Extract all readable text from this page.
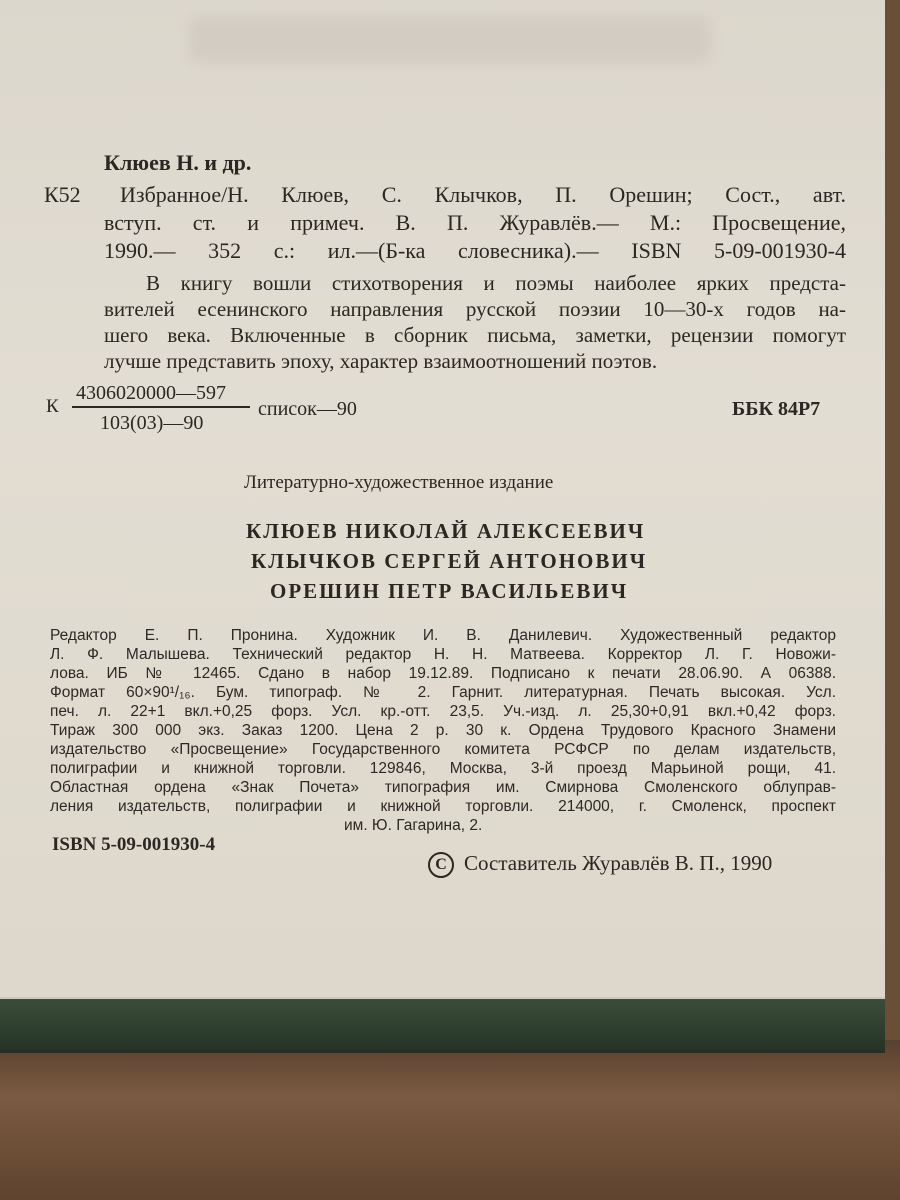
Клюев Н. и др.
К52 Избранное/Н. Клюев, С. Клычков, П. Орешин; Сост., авт.
вступ. ст. и примеч. В. П. Журавлёв.— М.: Просвещение,
1990.— 352 с.: ил.—(Б-ка словесника).— ISBN 5-09-001930-4
В книгу вошли стихотворения и поэмы наиболее ярких предста-
вителей есенинского направления русской поэзии 10—30-х годов на-
шего века. Включенные в сборник письма, заметки, рецензии помогут
лучше представить эпоху, характер взаимоотношений поэтов.
К
4306020000—597
103(03)—90
список—90	ББК 84Р7
Литературно-художественное издание
КЛЮЕВ НИКОЛАЙ АЛЕКСЕЕВИЧ
КЛЫЧКОВ СЕРГЕЙ АНТОНОВИЧ
ОРЕШИН ПЕТР ВАСИЛЬЕВИЧ
Редактор Е. П. Пронина. Художник И. В. Данилевич. Художественный редактор
Л. Ф. Малышева. Технический редактор Н. Н. Матвеева. Корректор Л. Г. Новожи-
лова. ИБ № 12465. Сдано в набор 19.12.89. Подписано к печати 28.06.90. А 06388.
Формат 60×90¹/₁₆. Бум. типограф. № 2. Гарнит. литературная. Печать высокая. Усл.
печ. л. 22+1 вкл.+0,25 форз. Усл. кр.-отт. 23,5. Уч.-изд. л. 25,30+0,91 вкл.+0,42 форз.
Тираж 300 000 экз. Заказ 1200. Цена 2 р. 30 к. Ордена Трудового Красного Знамени
издательство «Просвещение» Государственного комитета РСФСР по делам издательств,
полиграфии и книжной торговли. 129846, Москва, 3-й проезд Марьиной рощи, 41.
Областная ордена «Знак Почета» типография им. Смирнова Смоленского облуправ-
ления издательств, полиграфии и книжной торговли. 214000, г. Смоленск, проспект
им. Ю. Гагарина, 2.
ISBN 5-09-001930-4
C Составитель Журавлёв В. П., 1990
